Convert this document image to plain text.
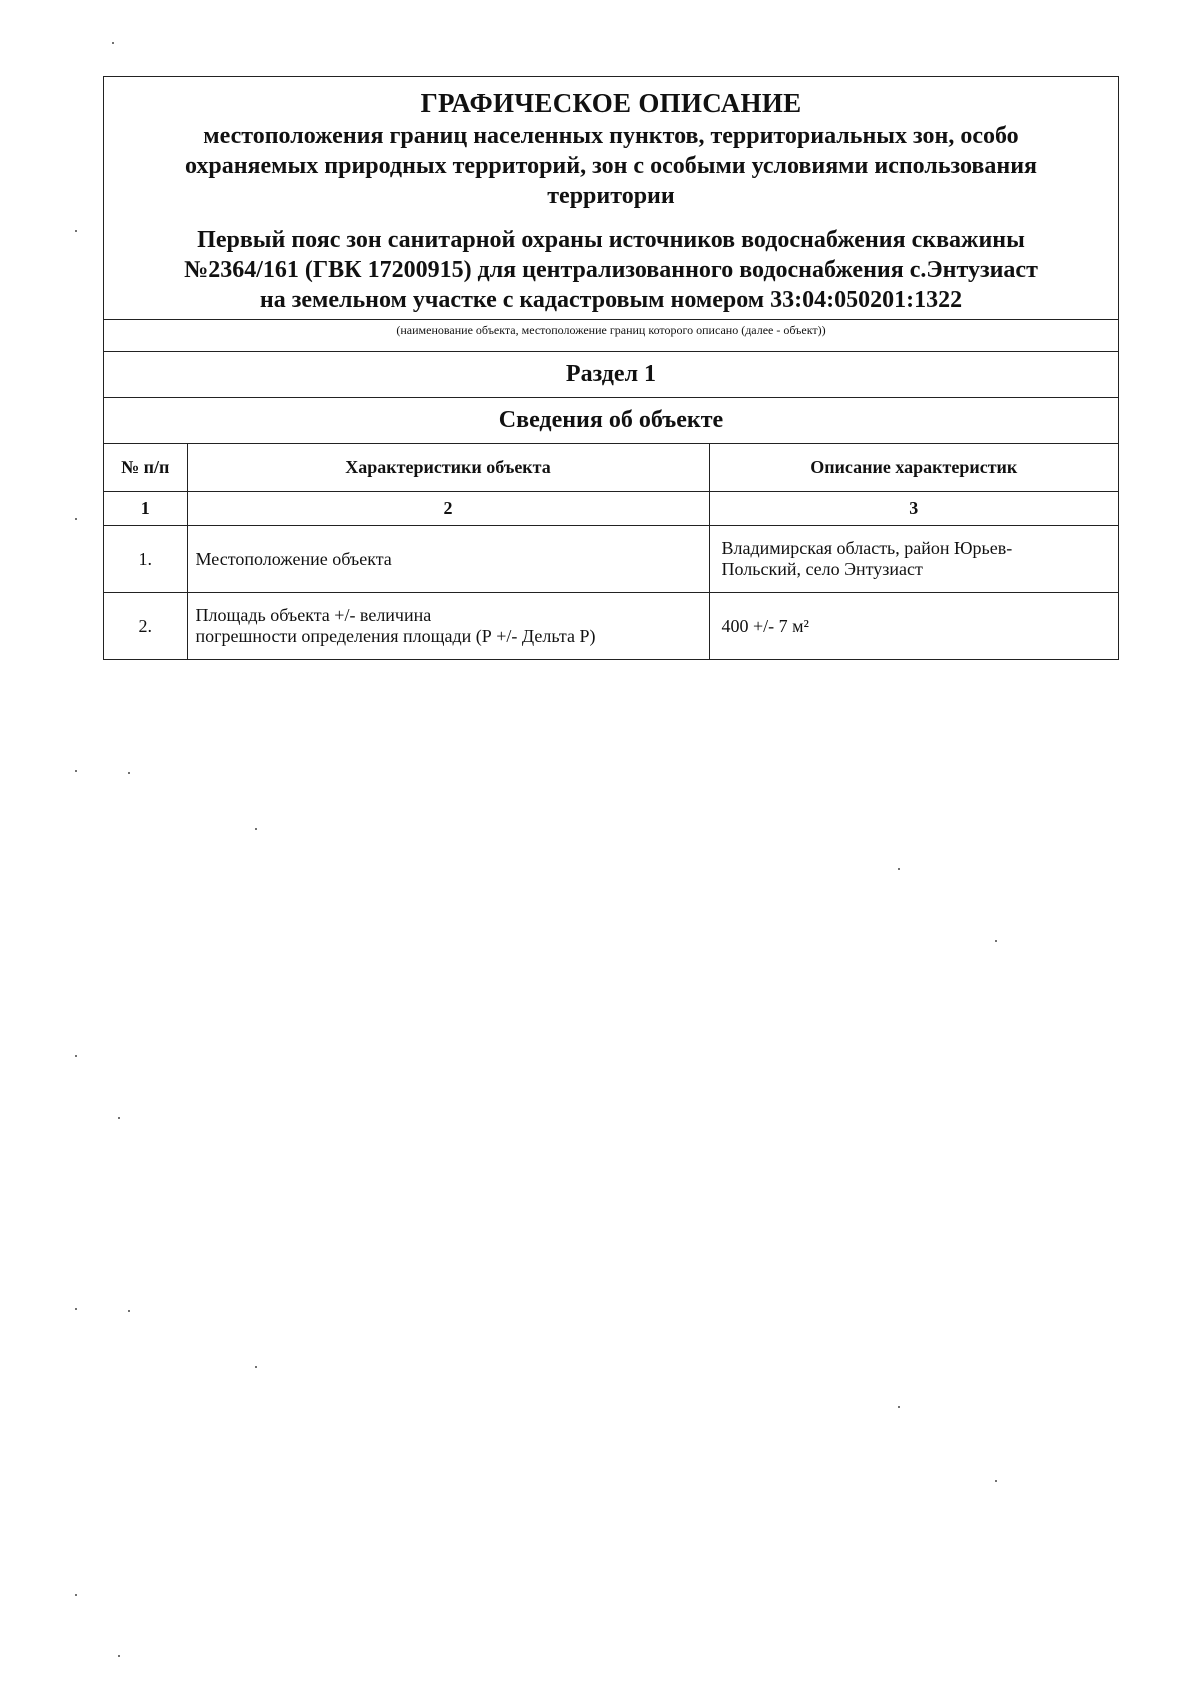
ГРАФИЧЕСКОЕ ОПИСАНИЕ
местоположения границ населенных пунктов, территориальных зон, особо
охраняемых природных территорий, зон с особыми условиями использования
территории
Первый пояс зон санитарной охраны источников водоснабжения скважины
№2364/161 (ГВК 17200915) для централизованного водоснабжения с.Энтузиаст
на земельном участке с кадастровым номером 33:04:050201:1322
(наименование объекта, местоположение границ которого описано (далее - объект))
Раздел 1
Сведения об объекте
№ п/п	Характеристики объекта	Описание характеристик
1	2	3
1.	Местоположение объекта	Владимирская область, район Юрьев-
Польский, село Энтузиаст

2.	Площадь объекта +/- величина
погрешности определения площади (Р +/- Дельта Р)	400 +/- 7 м²
